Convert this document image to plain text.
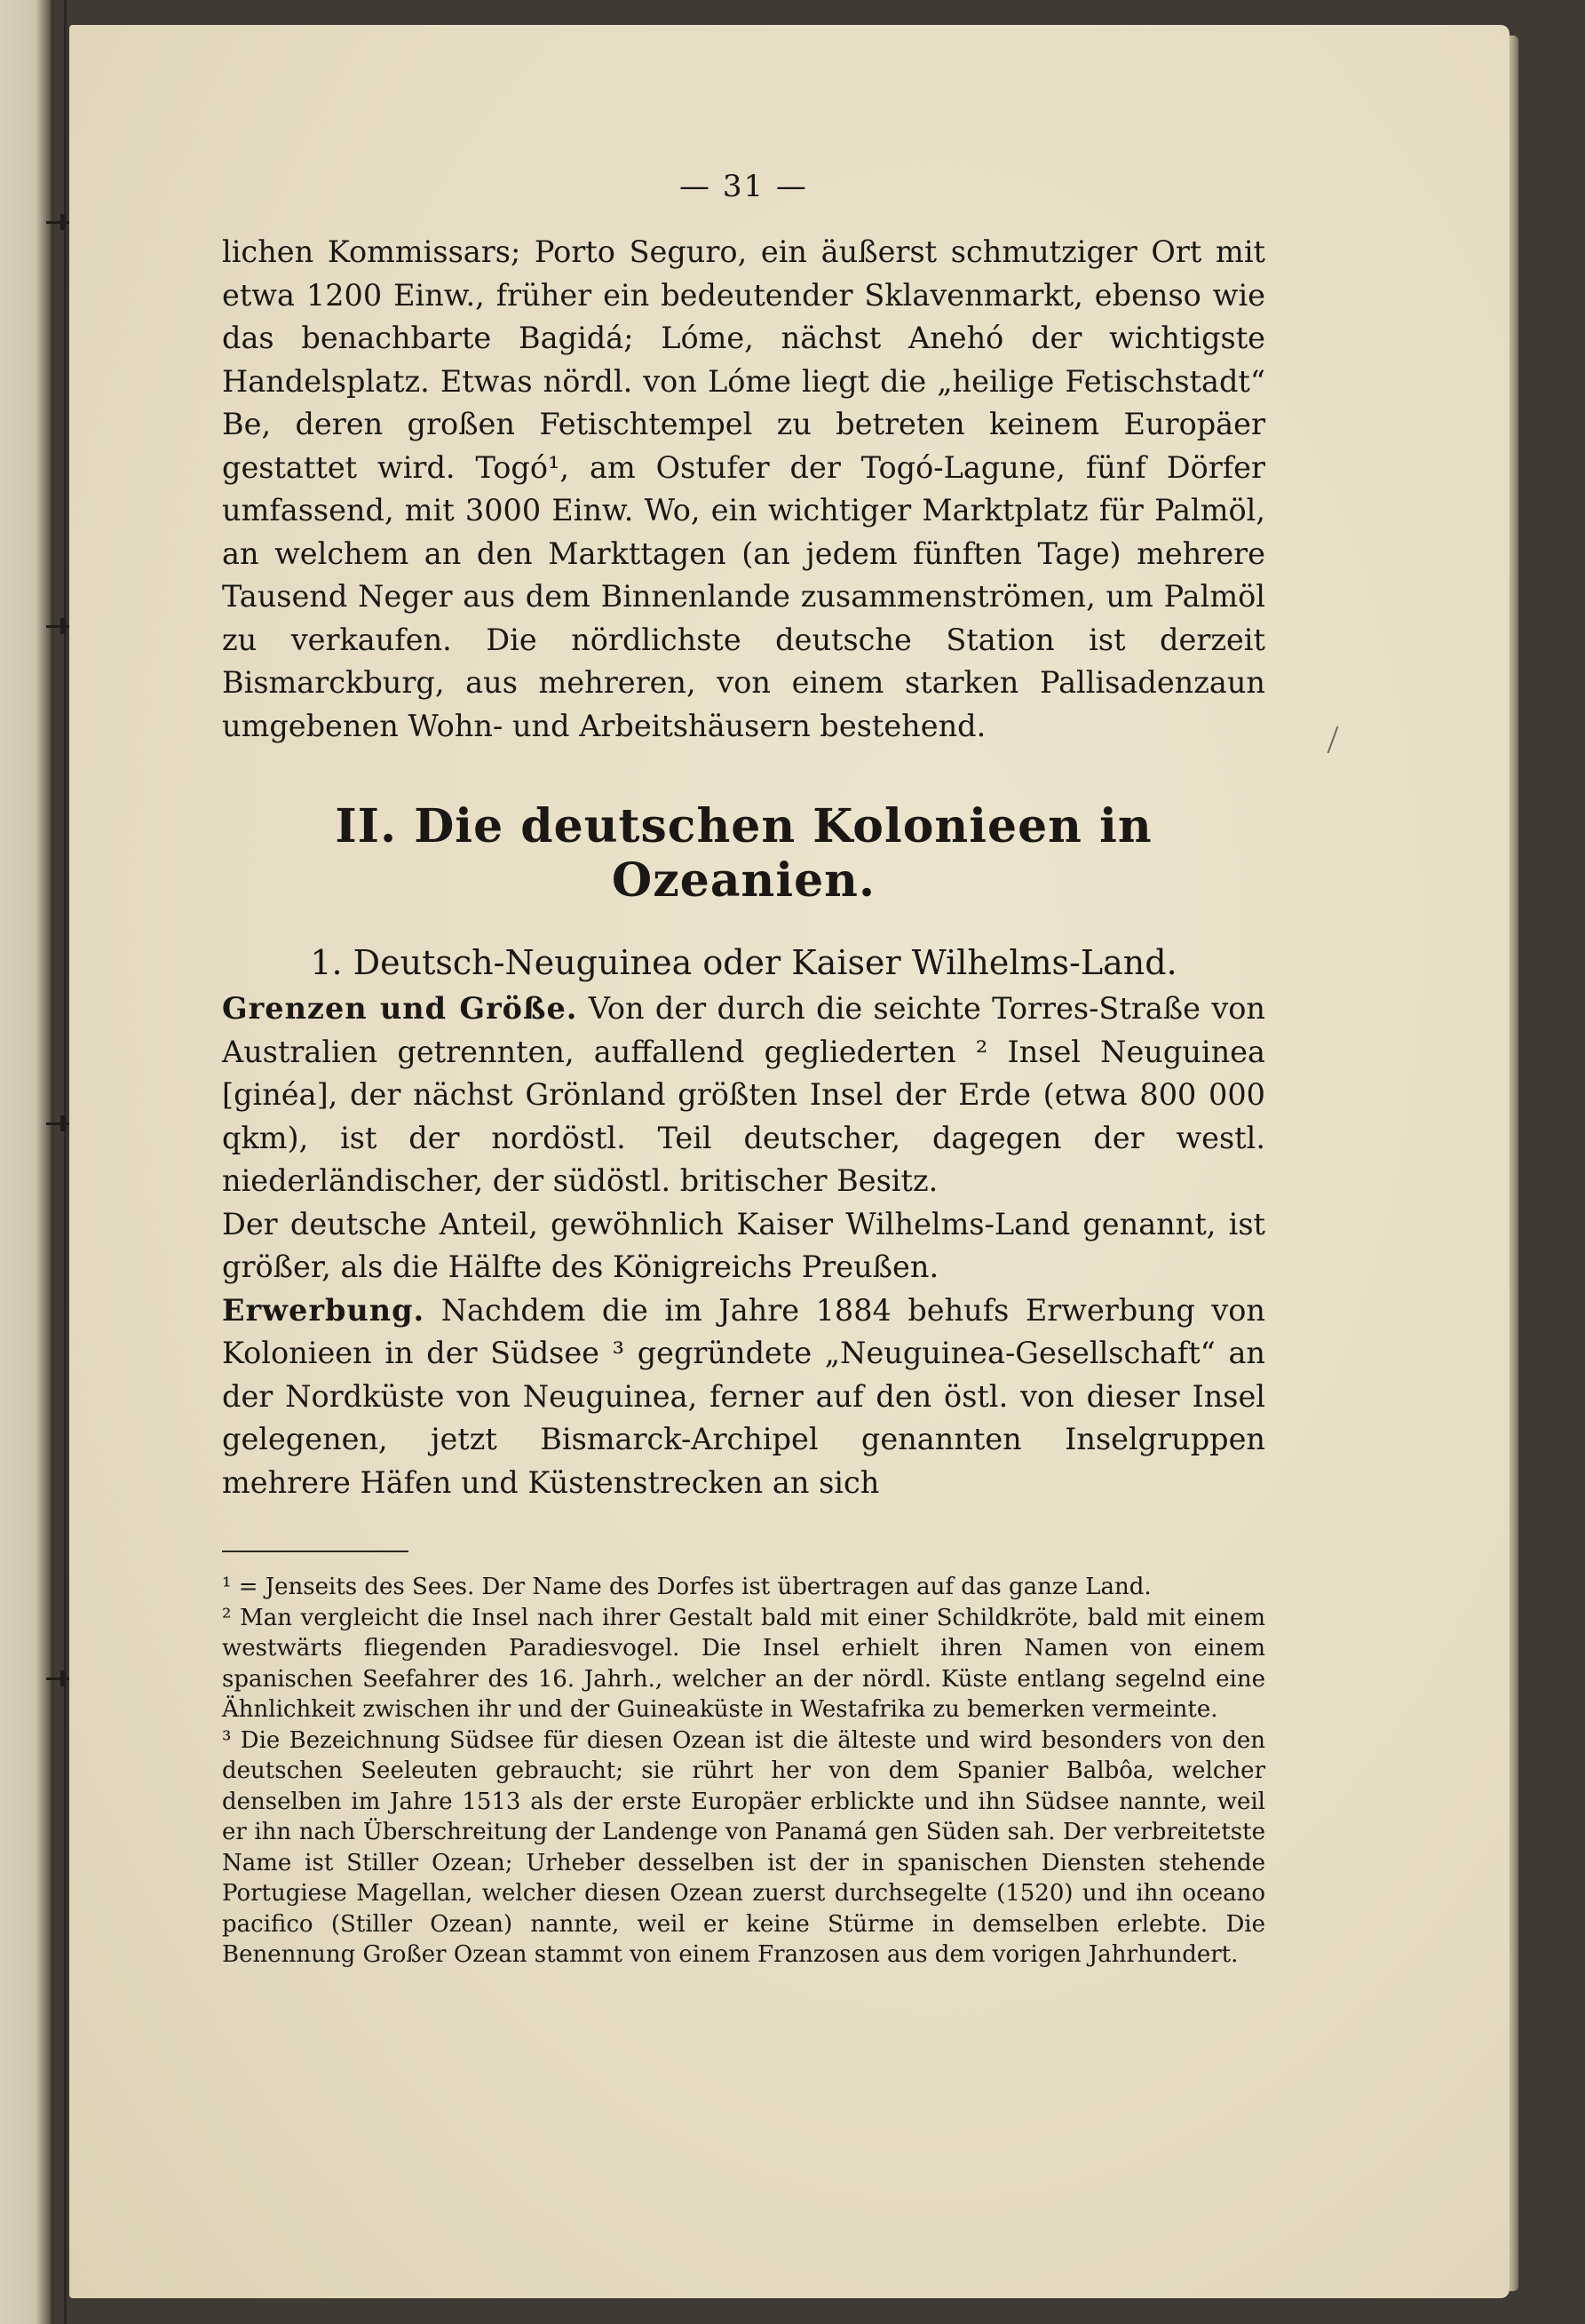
— 31 —

lichen Kommissars; Porto Seguro, ein äußerst schmutziger Ort mit etwa 1200 Einw., früher ein bedeutender Sklavenmarkt, ebenso wie das benachbarte Bagidá; Lóme, nächst Anehó der wichtigste Handelsplatz. Etwas nördl. von Lóme liegt die „heilige Fetischstadt“ Be, deren großen Fetischtempel zu betreten keinem Europäer gestattet wird. Togó¹, am Ostufer der Togó-Lagune, fünf Dörfer umfassend, mit 3000 Einw. Wo, ein wichtiger Marktplatz für Palmöl, an welchem an den Markttagen (an jedem fünften Tage) mehrere Tausend Neger aus dem Binnenlande zusammenströmen, um Palmöl zu verkaufen. Die nördlichste deutsche Station ist derzeit Bismarckburg, aus mehreren, von einem starken Pallisadenzaun umgebenen Wohn- und Arbeitshäusern bestehend.

II. Die deutschen Kolonieen in Ozeanien.
1. Deutsch-Neuguinea oder Kaiser Wilhelms-Land.

Grenzen und Größe. Von der durch die seichte Torres-Straße von Australien getrennten, auffallend gegliederten ² Insel Neuguinea [ginéa], der nächst Grönland größten Insel der Erde (etwa 800 000 qkm), ist der nordöstl. Teil deutscher, dagegen der westl. niederländischer, der südöstl. britischer Besitz.

Der deutsche Anteil, gewöhnlich Kaiser Wilhelms-Land genannt, ist größer, als die Hälfte des Königreichs Preußen.

Erwerbung. Nachdem die im Jahre 1884 behufs Erwerbung von Kolonieen in der Südsee ³ gegründete „Neuguinea-Gesellschaft“ an der Nordküste von Neuguinea, ferner auf den östl. von dieser Insel gelegenen, jetzt Bismarck-Archipel genannten Inselgruppen mehrere Häfen und Küstenstrecken an sich

¹ = Jenseits des Sees. Der Name des Dorfes ist übertragen auf das ganze Land.

² Man vergleicht die Insel nach ihrer Gestalt bald mit einer Schildkröte, bald mit einem westwärts fliegenden Paradiesvogel. Die Insel erhielt ihren Namen von einem spanischen Seefahrer des 16. Jahrh., welcher an der nördl. Küste entlang segelnd eine Ähnlichkeit zwischen ihr und der Guineaküste in Westafrika zu bemerken vermeinte.

³ Die Bezeichnung Südsee für diesen Ozean ist die älteste und wird besonders von den deutschen Seeleuten gebraucht; sie rührt her von dem Spanier Balbôa, welcher denselben im Jahre 1513 als der erste Europäer erblickte und ihn Südsee nannte, weil er ihn nach Überschreitung der Landenge von Panamá gen Süden sah. Der verbreitetste Name ist Stiller Ozean; Urheber desselben ist der in spanischen Diensten stehende Portugiese Magellan, welcher diesen Ozean zuerst durchsegelte (1520) und ihn oceano pacifico (Stiller Ozean) nannte, weil er keine Stürme in demselben erlebte. Die Benennung Großer Ozean stammt von einem Franzosen aus dem vorigen Jahrhundert.
